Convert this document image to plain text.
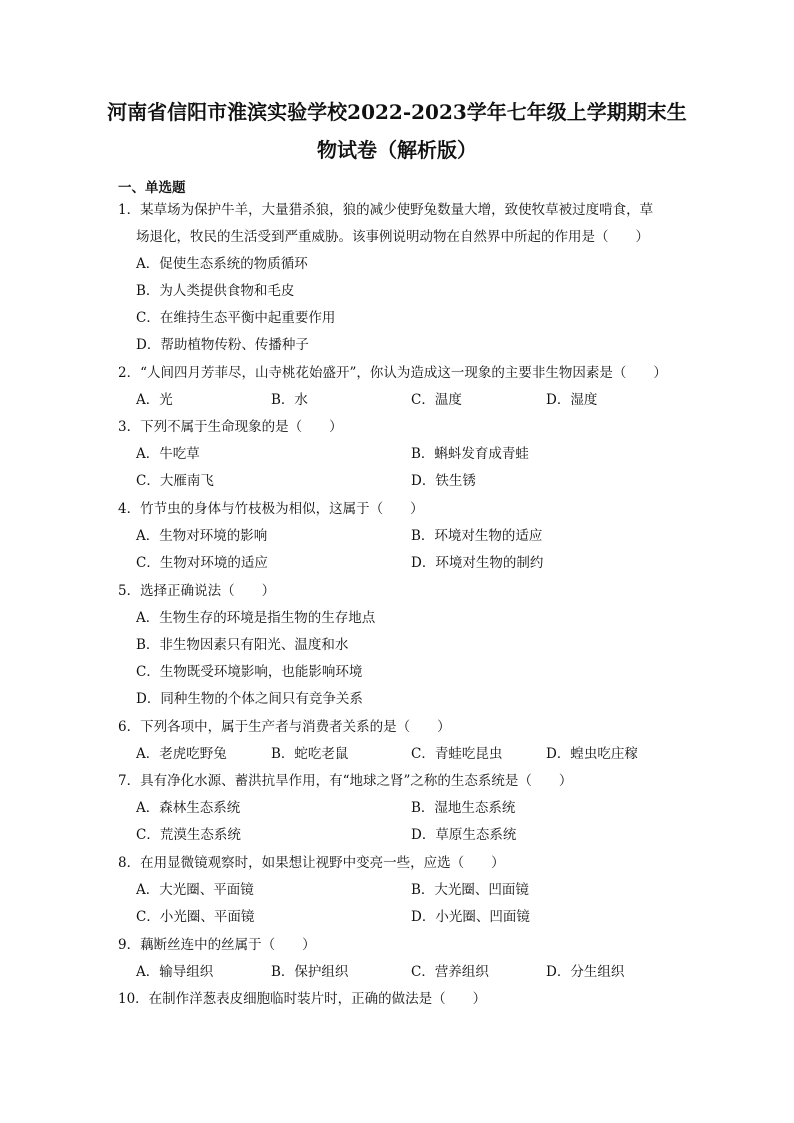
河南省信阳市淮滨实验学校2022-2023学年七年级上学期期末生
物试卷（解析版）
一、单选题
1．某草场为保护牛羊，大量猎杀狼，狼的减少使野兔数量大增，致使牧草被过度啃食，草
场退化，牧民的生活受到严重威胁。该事例说明动物在自然界中所起的作用是（　　）
A．促使生态系统的物质循环
B．为人类提供食物和毛皮
C．在维持生态平衡中起重要作用
D．帮助植物传粉、传播种子
2．“人间四月芳菲尽，山寺桃花始盛开”，你认为造成这一现象的主要非生物因素是（　　）
A．光	B．水	C．温度	D．湿度
3．下列不属于生命现象的是（　　）
A．牛吃草	B．蝌蚪发育成青蛙
C．大雁南飞	D．铁生锈
4．竹节虫的身体与竹枝极为相似，这属于（　　）
A．生物对环境的影响	B．环境对生物的适应
C．生物对环境的适应	D．环境对生物的制约
5．选择正确说法（　　）
A．生物生存的环境是指生物的生存地点
B．非生物因素只有阳光、温度和水
C．生物既受环境影响，也能影响环境
D．同种生物的个体之间只有竞争关系
6．下列各项中，属于生产者与消费者关系的是（　　）
A．老虎吃野兔	B．蛇吃老鼠	C．青蛙吃昆虫	D．蝗虫吃庄稼
7．具有净化水源、蓄洪抗旱作用，有“地球之肾”之称的生态系统是（　　）
A．森林生态系统	B．湿地生态系统
C．荒漠生态系统	D．草原生态系统
8．在用显微镜观察时，如果想让视野中变亮一些，应选（　　）
A．大光圈、平面镜	B．大光圈、凹面镜
C．小光圈、平面镜	D．小光圈、凹面镜
9．藕断丝连中的丝属于（　　）
A．输导组织	B．保护组织	C．营养组织	D．分生组织
10．在制作洋葱表皮细胞临时装片时，正确的做法是（　　）
